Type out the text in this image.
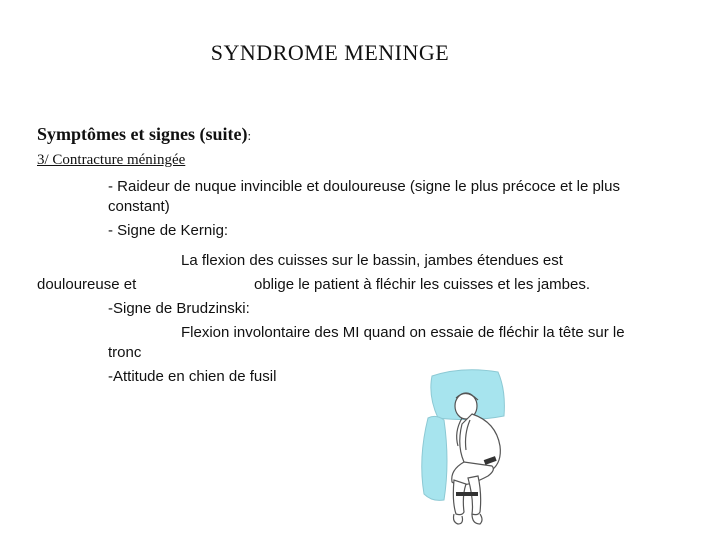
SYNDROME MENINGE
Symptômes et signes (suite):
3/ Contracture méningée
- Raideur de nuque invincible et douloureuse (signe le plus précoce et le plus
constant)
- Signe de Kernig:
La flexion des cuisses sur le bassin, jambes étendues est
douloureuse et	oblige le patient à fléchir les cuisses et les jambes.
-Signe de Brudzinski:
Flexion involontaire des MI quand on essaie de fléchir la tête sur le
tronc
-Attitude en chien de fusil
